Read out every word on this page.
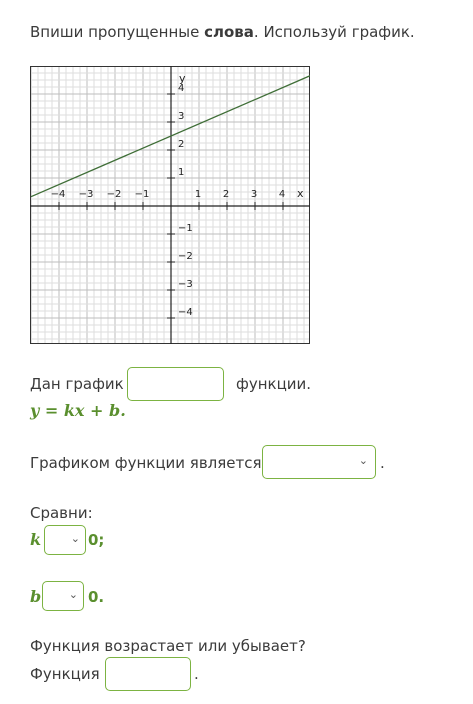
Впиши пропущенные слова. Используй график.
−4 −3 −2 −1	1 2 3 4
4
3
2
1
−1
−2
−3
−4
x
y
Дан график	функции.
y = kx + b.
Графиком функции является	⌄ .
Сравни:
k	⌄ 0;
b	⌄ 0.
Функция возрастает или убывает?
Функция	.
